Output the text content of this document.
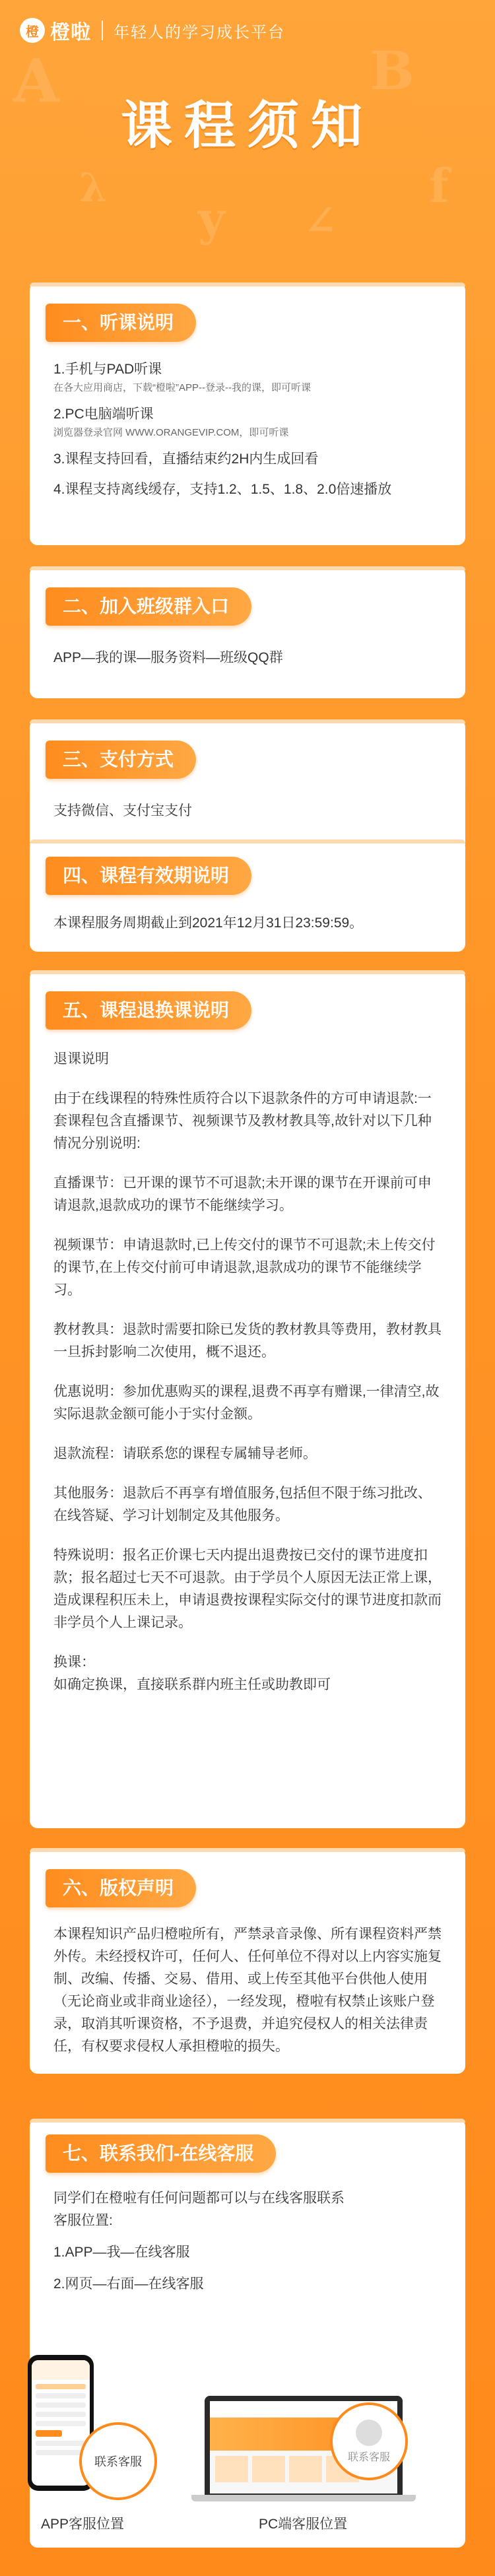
A
λ
B
f
y ∠
橙 橙啦 年轻人的学习成长平台
课程须知
一、听课说明
1.手机与PAD听课
在各大应用商店，下载“橙啦”APP--登录--我的课，即可听课
2.PC电脑端听课
浏览器登录官网 WWW.ORANGEVIP.COM，即可听课
3.课程支持回看，直播结束约2H内生成回看
4.课程支持离线缓存，支持1.2、1.5、1.8、2.0倍速播放
二、加入班级群入口
APP—我的课—服务资料—班级QQ群
三、支付方式
支持微信、支付宝支付
四、课程有效期说明
本课程服务周期截止到2021年12月31日23:59:59。
五、课程退换课说明
退课说明
由于在线课程的特殊性质符合以下退款条件的方可申请退款:一套课程包含直播课节、视频课节及教材教具等,故针对以下几种情况分别说明:
直播课节：已开课的课节不可退款;未开课的课节在开课前可申请退款,退款成功的课节不能继续学习。
视频课节：申请退款时,已上传交付的课节不可退款;未上传交付的课节,在上传交付前可申请退款,退款成功的课节不能继续学习。
教材教具：退款时需要扣除已发货的教材教具等费用，教材教具一旦拆封影响二次使用，概不退还。
优惠说明：参加优惠购买的课程,退费不再享有赠课,一律清空,故实际退款金额可能小于实付金额。
退款流程：请联系您的课程专属辅导老师。
其他服务：退款后不再享有增值服务,包括但不限于练习批改、在线答疑、学习计划制定及其他服务。
特殊说明：报名正价课七天内提出退费按已交付的课节进度扣款；报名超过七天不可退款。由于学员个人原因无法正常上课，造成课程积压未上，申请退费按课程实际交付的课节进度扣款而非学员个人上课记录。
换课：
如确定换课，直接联系群内班主任或助教即可
六、版权声明
本课程知识产品归橙啦所有，严禁录音录像、所有课程资料严禁外传。未经授权许可，任何人、任何单位不得对以上内容实施复制、改编、传播、交易、借用、或上传至其他平台供他人使用（无论商业或非商业途径），一经发现，橙啦有权禁止该账户登录，取消其听课资格，不予退费，并追究侵权人的相关法律责任，有权要求侵权人承担橙啦的损失。
七、联系我们-在线客服
同学们在橙啦有任何问题都可以与在线客服联系
客服位置:
1.APP—我—在线客服
2.网页—右面—在线客服
联系客服	联系客服
APP客服位置	PC端客服位置
